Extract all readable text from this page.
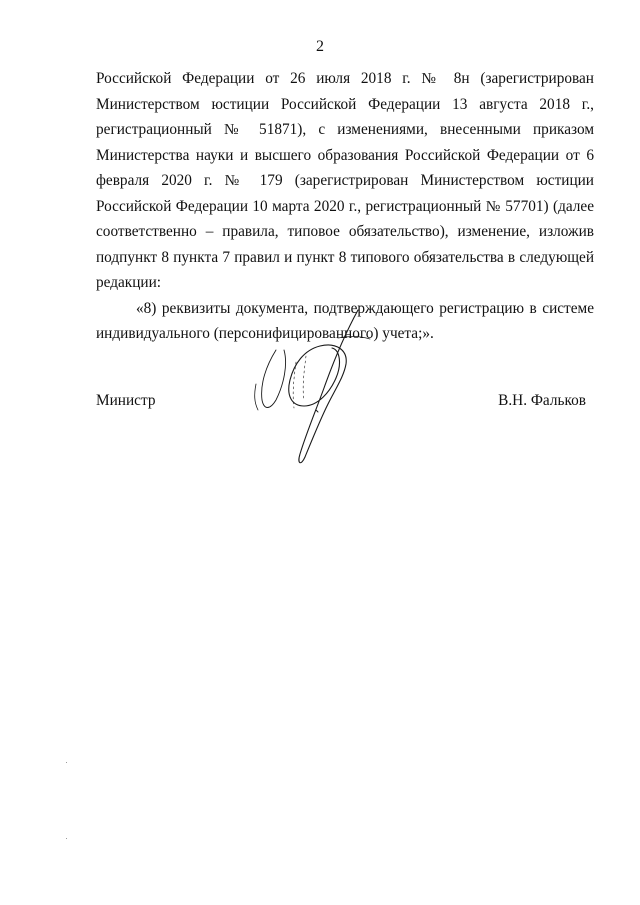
2

Российской Федерации от 26 июля 2018 г. № 8н (зарегистрирован Министерством юстиции Российской Федерации 13 августа 2018 г., регистрационный № 51871), с изменениями, внесенными приказом Министерства науки и высшего образования Российской Федерации от 6 февраля 2020 г. № 179 (зарегистрирован Министерством юстиции Российской Федерации 10 марта 2020 г., регистрационный № 57701) (далее соответственно – правила, типовое обязательство), изменение, изложив подпункт 8 пункта 7 правил и пункт 8 типового обязательства в следующей редакции:

«8) реквизиты документа, подтверждающего регистрацию в системе индивидуального (персонифицированного) учета;».

Министр	В.Н. Фальков
